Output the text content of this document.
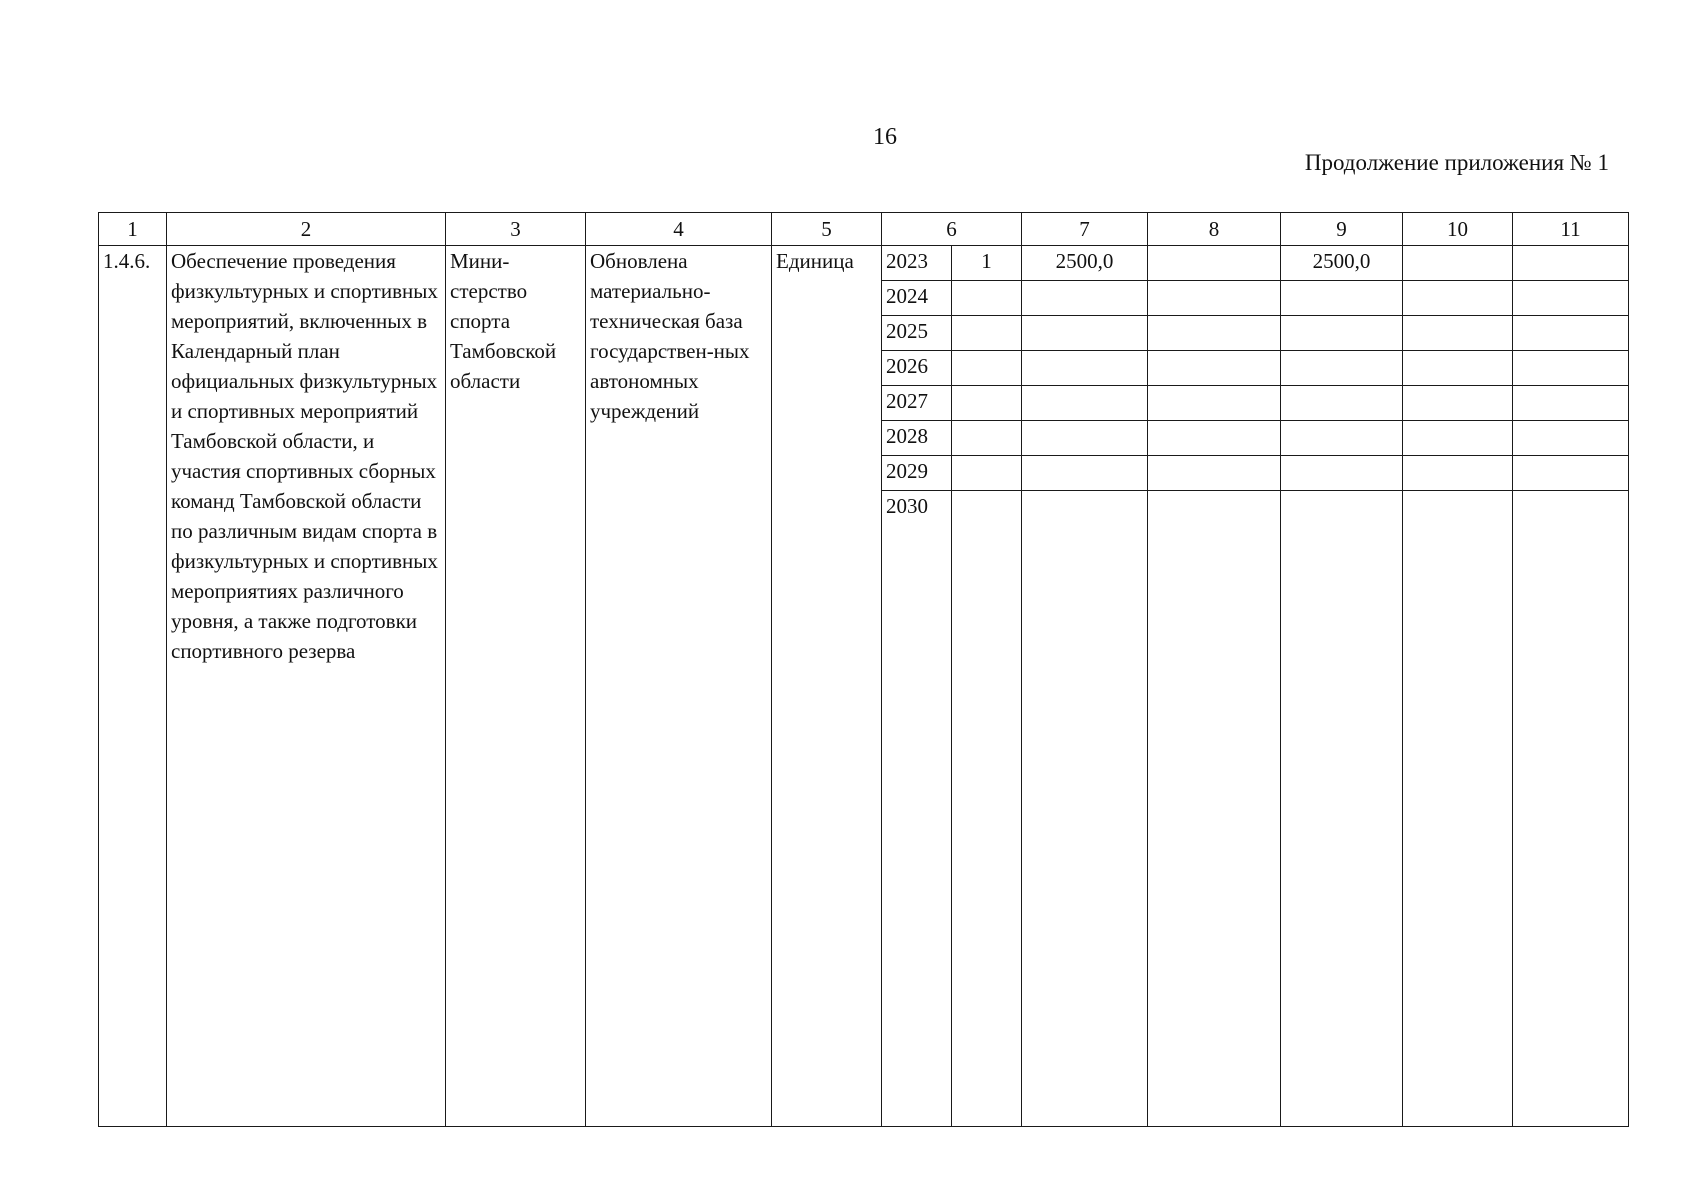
16
Продолжение приложения № 1
1	2	3	4	5	6		7	8	9	10	11
1.4.6.	Обеспечение проведения физкультурных и спортивных мероприятий, включенных в Календарный план официальных физкультурных и спортивных мероприятий Тамбовской области, и участия спортивных сборных команд Тамбовской области по различным видам спорта в физкультурных и спортивных мероприятиях различного уровня, а также подготовки спортивного резерва	Мини-стерство спорта Тамбовской области	Обновлена материально-техническая база государствен-ных автономных учреждений	Единица	2023	1	2500,0		2500,0		
					2024						
					2025						
					2026						
					2027						
					2028						
					2029						
					2030						
